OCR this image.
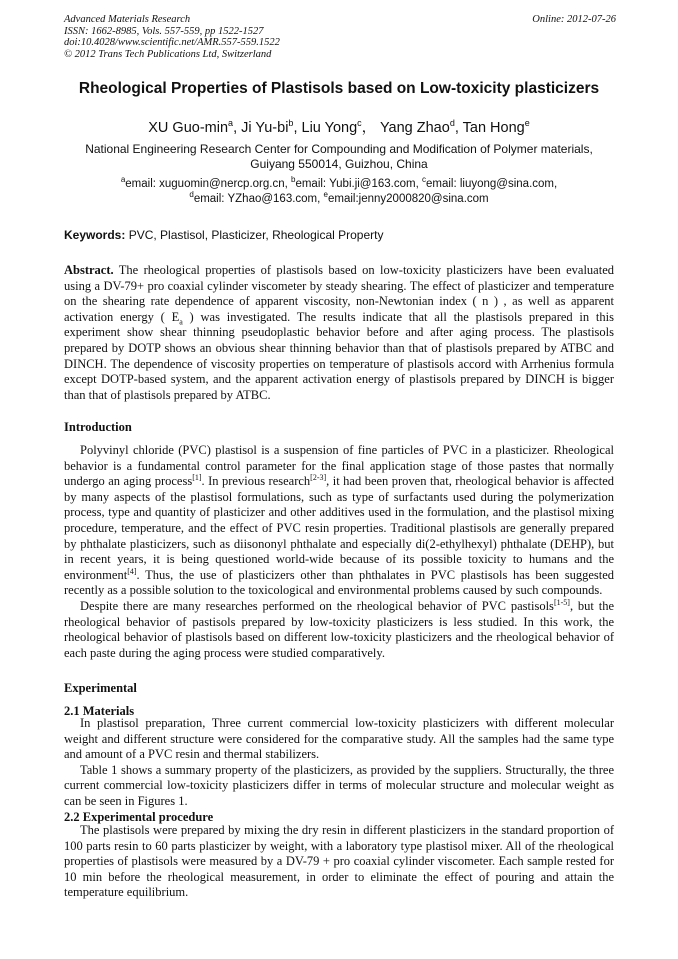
Advanced Materials Research
ISSN: 1662-8985, Vols. 557-559, pp 1522-1527
doi:10.4028/www.scientific.net/AMR.557-559.1522
© 2012 Trans Tech Publications Ltd, Switzerland
Online: 2012-07-26
Rheological Properties of Plastisols based on Low-toxicity plasticizers
XU Guo-$\min^a$, Ji $Yu-bi^b$, Liu Yong$^c$， Yang Zhao$^d$, Tan Hong$^e$
National Engineering Research Center for Compounding and Modification of Polymer materials,
Guiyang 550014, Guizhou, China
$^a$email: xuguomin@nercp.org.cn, $^b$email: Yubi.ji@163.com, $^c$email: liuyong@sina.com,
$^d$email: YZhao@163.com, $^e$email:jenny2000820@sina.com
Keywords: PVC, Plastisol, Plasticizer, Rheological Property

Abstract. The rheological properties of plastisols based on low-toxicity plasticizers have been evaluated using a DV-79+ pro coaxial cylinder viscometer by steady shearing. The effect of plasticizer and temperature on the shearing rate dependence of apparent viscosity, non-Newtonian index ( n ) , as well as apparent activation energy ( $E_a$ ) was investigated. The results indicate that all the plastisols prepared in this experiment show shear thinning pseudoplastic behavior before and after aging process. The plastisols prepared by DOTP shows an obvious shear thinning behavior than that of plastisols prepared by ATBC and DINCH. The dependence of viscosity properties on temperature of plastisols accord with Arrhenius formula except DOTP-based system, and the apparent activation energy of plastisols prepared by DINCH is bigger than that of plastisols prepared by ATBC.

Introduction

Polyvinyl chloride (PVC) plastisol is a suspension of fine particles of PVC in a plasticizer. Rheological behavior is a fundamental control parameter for the final application stage of those pastes that normally undergo an aging process[1]. In previous research[2-3], it had been proven that, rheological behavior is affected by many aspects of the plastisol formulations, such as type of surfactants used during the polymerization process, type and quantity of plasticizer and other additives used in the formulation, and the plastisol mixing procedure, temperature, and the effect of PVC resin properties. Traditional plastisols are generally prepared by phthalate plasticizers, such as diisononyl phthalate and especially di(2-ethylhexyl) phthalate (DEHP), but in recent years, it is being questioned world-wide because of its possible toxicity to humans and the environment[4]. Thus, the use of plasticizers other than phthalates in PVC plastisols has been suggested recently as a possible solution to the toxicological and environmental problems caused by such compounds.

Despite there are many researches performed on the rheological behavior of PVC pastisols[1-5], but the rheological behavior of pastisols prepared by low-toxicity plasticizers is less studied. In this work, the rheological behavior of plastisols based on different low-toxicity plasticizers and the rheological behavior of each paste during the aging process were studied comparatively.

Experimental
2.1 Materials

In plastisol preparation, Three current commercial low-toxicity plasticizers with different molecular weight and different structure were considered for the comparative study. All the samples had the same type and amount of a PVC resin and thermal stabilizers.

Table 1 shows a summary property of the plasticizers, as provided by the suppliers. Structurally, the three current commercial low-toxicity plasticizers differ in terms of molecular structure and molecular weight as can be seen in Figures 1.

2.2 Experimental procedure

The plastisols were prepared by mixing the dry resin in different plasticizers in the standard proportion of 100 parts resin to 60 parts plasticizer by weight, with a laboratory type plastisol mixer. All of the rheological properties of plastisols were measured by a DV-79 + pro coaxial cylinder viscometer. Each sample rested for 10 min before the rheological measurement, in order to eliminate the effect of pouring and attain the temperature equilibrium.
